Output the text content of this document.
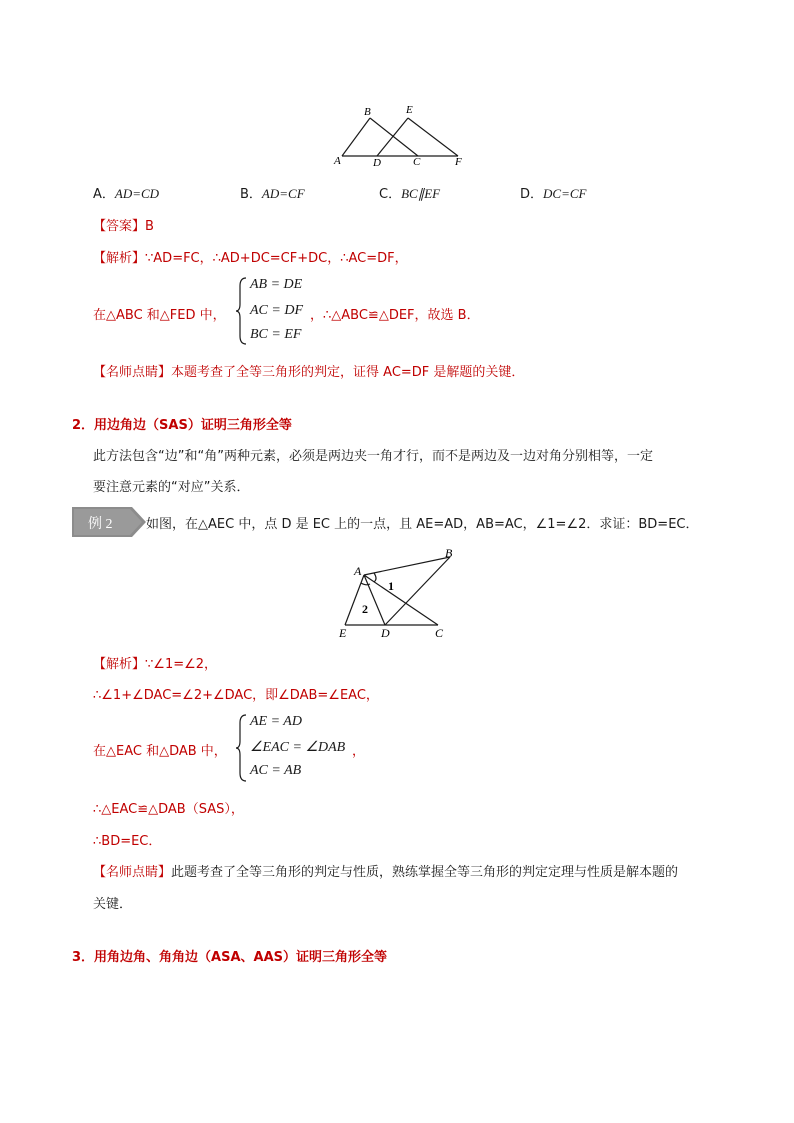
A
B
D
E
C	F
A．AD=CD	B．AD=CF	C．BC∥EF	D．DC=CF
【答案】B
【解析】∵AD=FC，∴AD+DC=CF+DC，∴AC=DF，
在△ABC 和△FED 中，
AB = DE
AC = DF
BC = EF
，∴△ABC≌△DEF，故选 B．
【名师点睛】本题考查了全等三角形的判定，证得 AC=DF 是解题的关键．
2．用边角边（SAS）证明三角形全等
此方法包含“边”和“角”两种元素，必须是两边夹一角才行，而不是两边及一边对角分别相等，一定
要注意元素的“对应”关系．
例 2	如图，在△AEC 中，点 D 是 EC 上的一点，且 AE=AD，AB=AC，∠1=∠2．求证：BD=EC．
A
B
E	D	C
1
2
【解析】∵∠1=∠2，
∴∠1+∠DAC=∠2+∠DAC，即∠DAB=∠EAC，
在△EAC 和△DAB 中，
AE = AD
∠EAC = ∠DAB
AC = AB
，
∴△EAC≌△DAB（SAS），
∴BD=EC．
【名师点睛】此题考查了全等三角形的判定与性质，熟练掌握全等三角形的判定定理与性质是解本题的
关键．
3．用角边角、角角边（ASA、AAS）证明三角形全等
